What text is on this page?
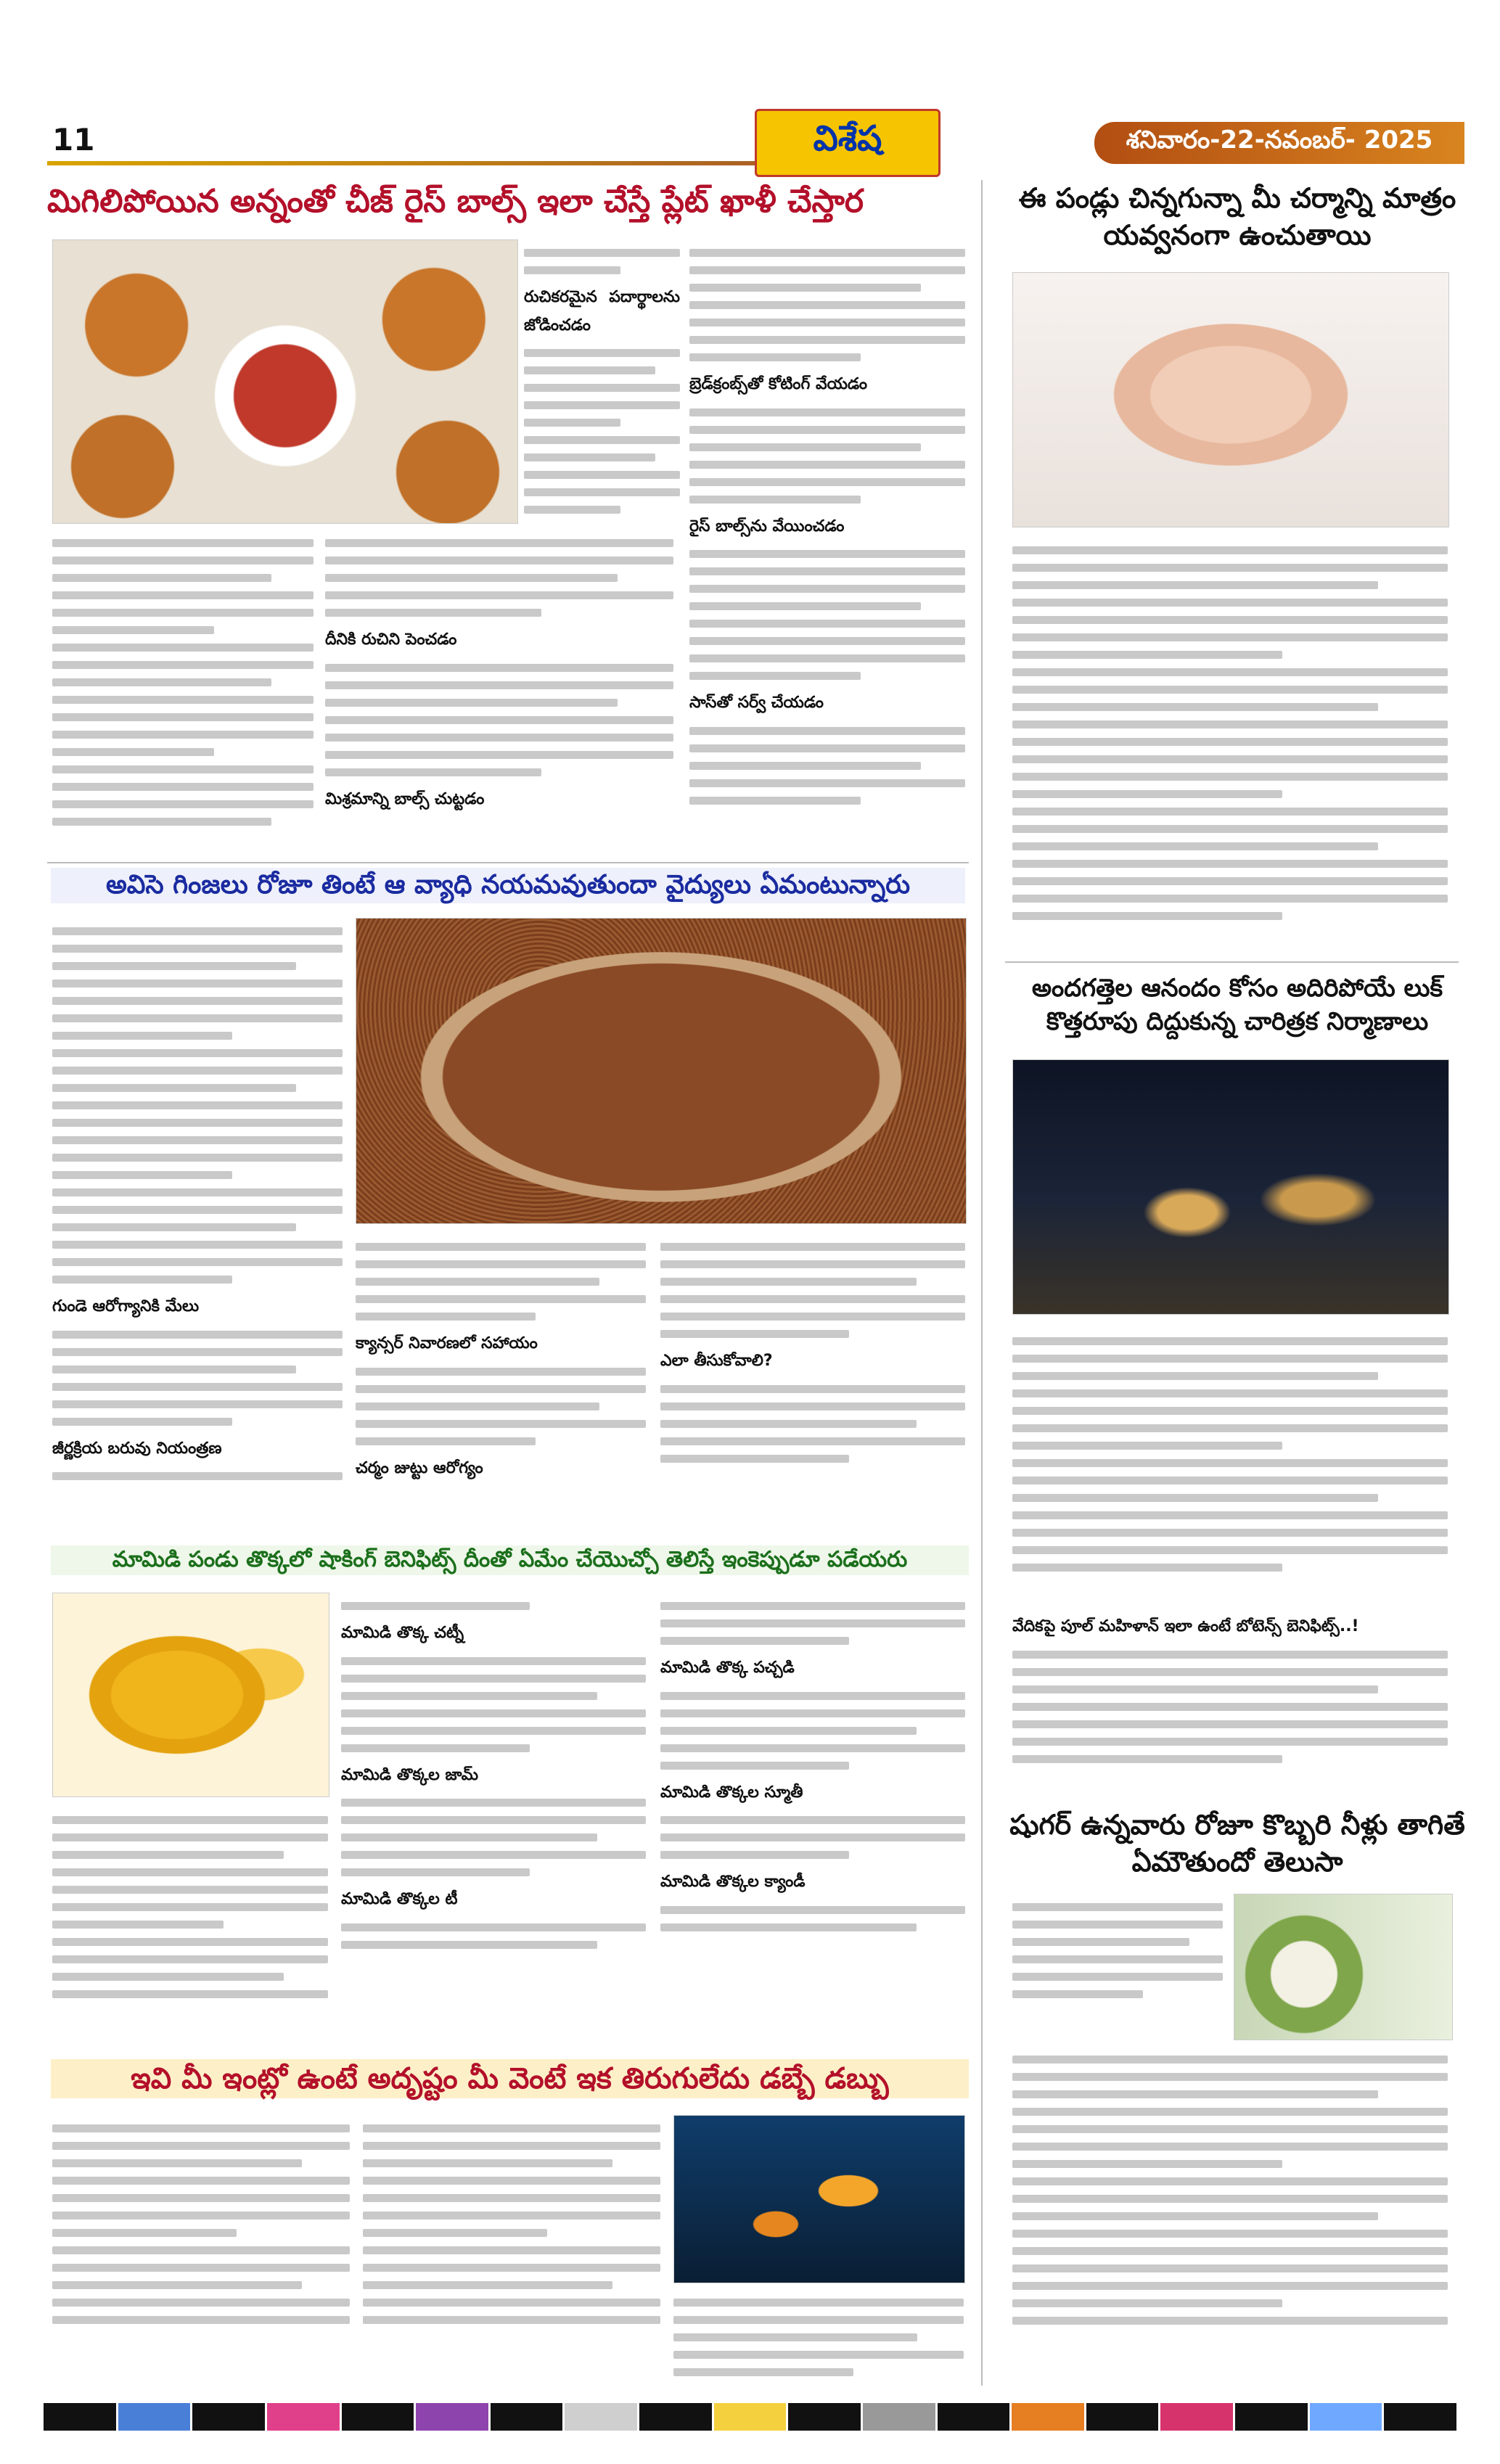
11	విశేష	శనివారం-22-నవంబర్- 2025
మిగిలిపోయిన అన్నంతో చీజ్ రైస్ బాల్స్ ఇలా చేస్తే ప్లేట్ ఖాళీ చేస్తార
రుచికరమైన పదార్థాలను జోడించడం
దీనికి రుచిని పెంచడం
మిశ్రమాన్ని బాల్స్ చుట్టడం
బ్రెడ్‌క్రంబ్స్‌తో కోటింగ్ వేయడం
రైస్ బాల్స్‌ను వేయించడం
సాస్‌తో సర్వ్ చేయడం
ఈ పండ్లు చిన్నగున్నా మీ చర్మాన్ని మాత్రం యవ్వనంగా ఉంచుతాయి
అవిసె గింజలు రోజూ తింటే ఆ వ్యాధి నయమవుతుందా వైద్యులు ఏమంటున్నారు
గుండె ఆరోగ్యానికి మేలు
జీర్ణక్రియ బరువు నియంత్రణ
క్యాన్సర్ నివారణలో సహాయం
చర్మం జుట్టు ఆరోగ్యం
ఎలా తీసుకోవాలి?
అందగత్తెల ఆనందం కోసం అదిరిపోయే లుక్ కొత్తరూపు దిద్దుకున్న చారిత్రక నిర్మాణాలు
వేదికపై పూల్ మహిళాన్ ఇలా ఉంటే బోటెన్స్ బెనిఫిట్స్..!
మామిడి పండు తొక్కలో షాకింగ్ బెనిఫిట్స్ దీంతో ఏమేం చేయొచ్చో తెలిస్తే ఇంకెప్పుడూ పడేయరు
మామిడి తొక్క చట్నీ
మామిడి తొక్కల జామ్
మామిడి తొక్కల టీ
మామిడి తొక్క పచ్చడి
మామిడి తొక్కల స్మూతీ
మామిడి తొక్కల క్యాండీ
షుగర్ ఉన్నవారు రోజూ కొబ్బరి నీళ్లు తాగితే ఏమౌతుందో తెలుసా
ఇవి మీ ఇంట్లో ఉంటే అదృష్టం మీ వెంటే ఇక తిరుగులేదు డబ్బే డబ్బు
